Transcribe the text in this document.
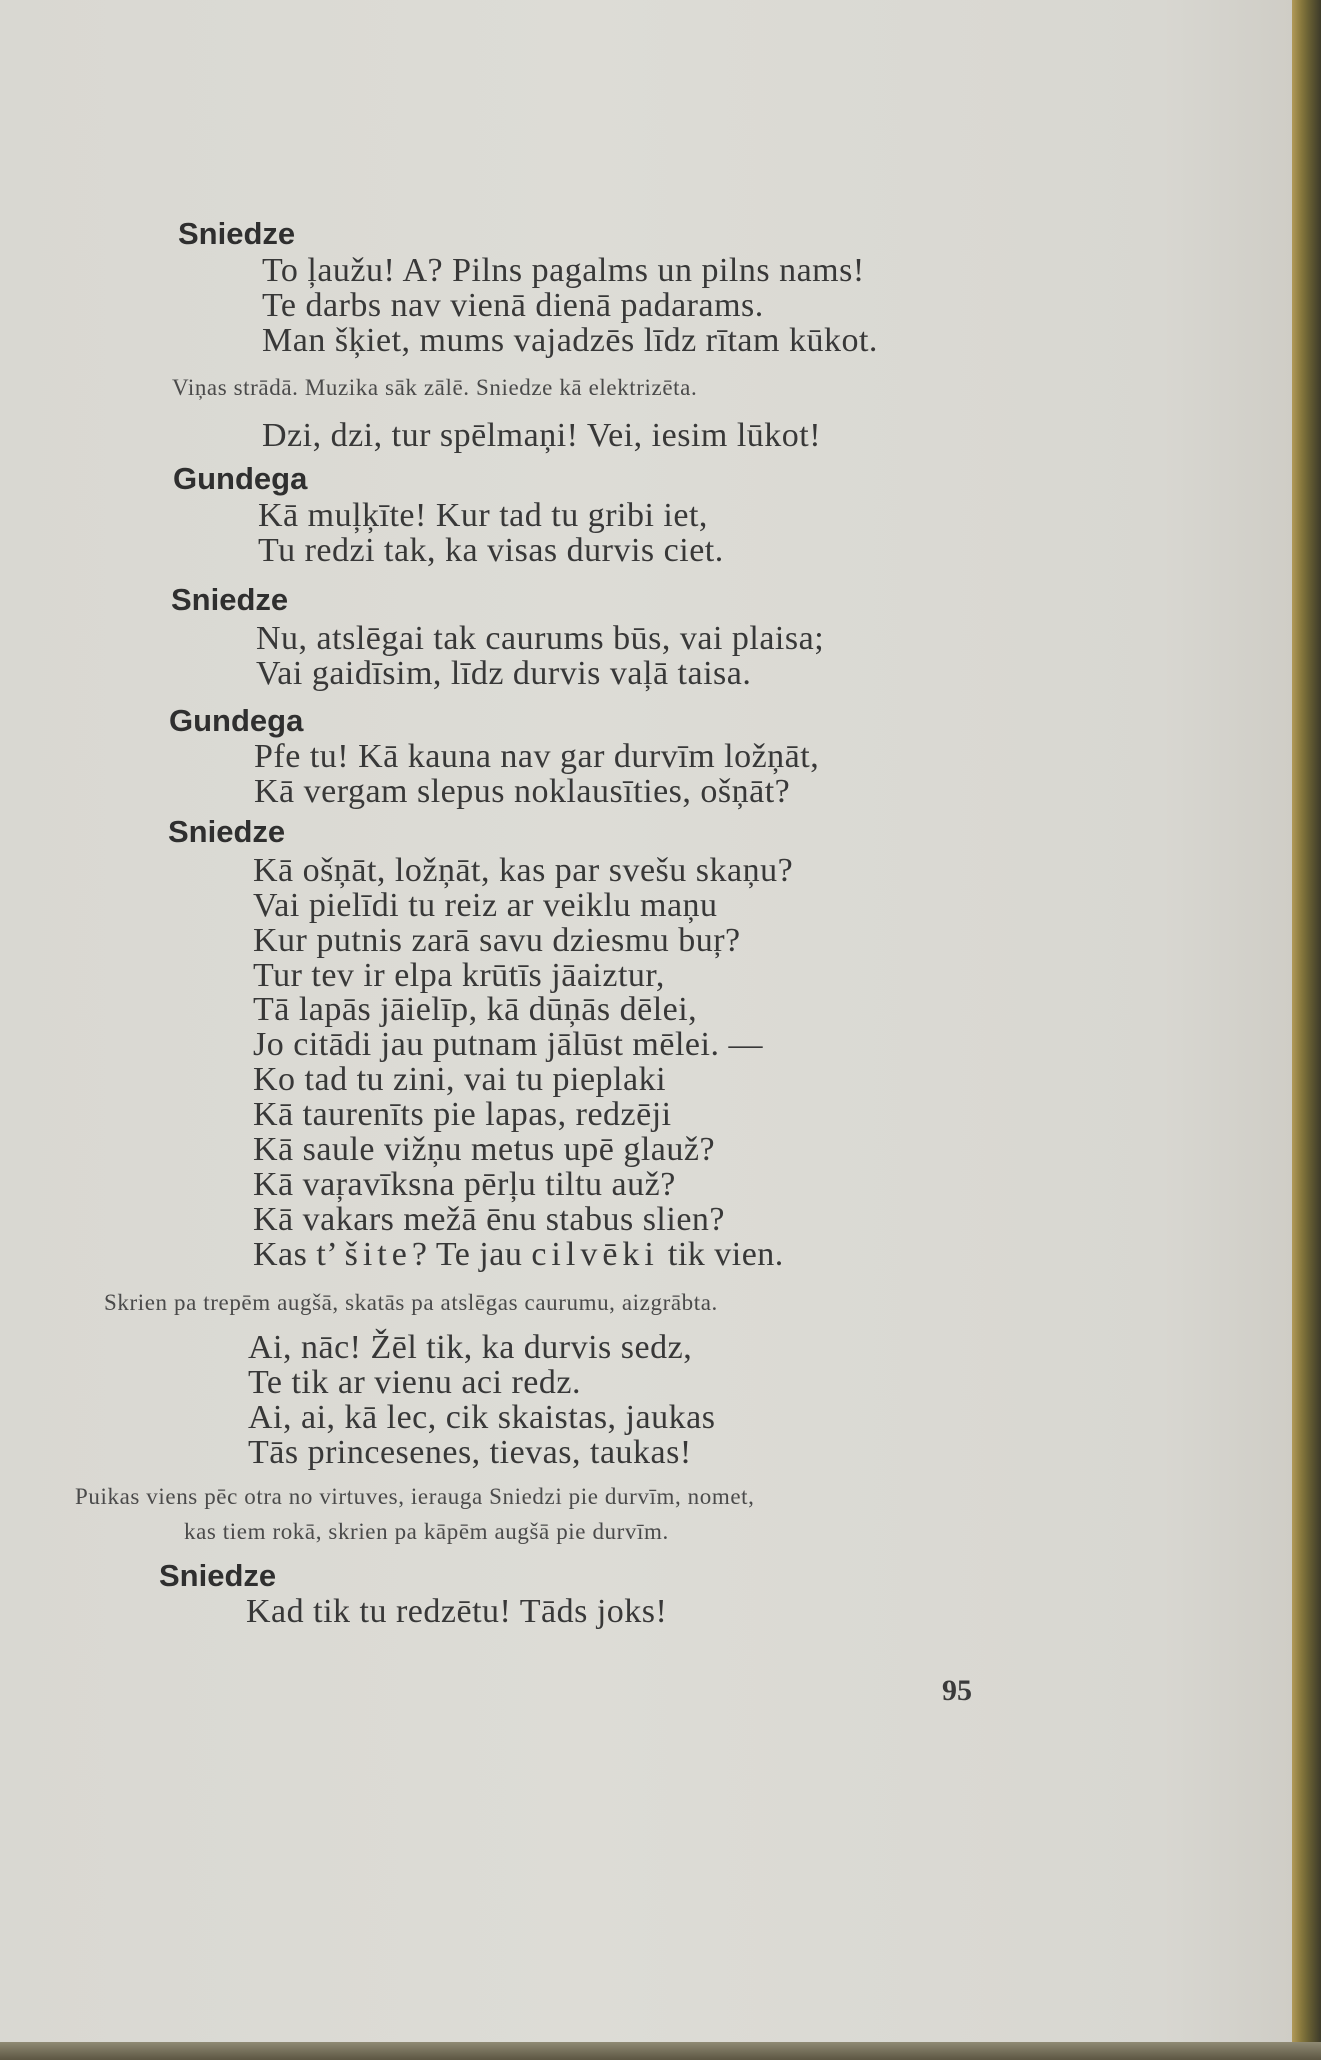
Sniedze
To ļaužu! A? Pilns pagalms un pilns nams!
Te darbs nav vienā dienā padarams.
Man šķiet, mums vajadzēs līdz rītam kūkot.
Viņas strādā. Muzika sāk zālē. Sniedze kā elektrizēta.
Dzi, dzi, tur spēlmaņi! Vei, iesim lūkot!
Gundega
Kā muļķīte! Kur tad tu gribi iet,
Tu redzi tak, ka visas durvis ciet.
Sniedze
Nu, atslēgai tak caurums būs, vai plaisa;
Vai gaidīsim, līdz durvis vaļā taisa.
Gundega
Pfe tu! Kā kauna nav gar durvīm ložņāt,
Kā vergam slepus noklausīties, ošņāt?
Sniedze
Kā ošņāt, ložņāt, kas par svešu skaņu?
Vai pielīdi tu reiz ar veiklu maņu
Kur putnis zarā savu dziesmu buŗ?
Tur tev ir elpa krūtīs jāaiztur,
Tā lapās jāielīp, kā dūņās dēlei,
Jo citādi jau putnam jālūst mēlei. —
Ko tad tu zini, vai tu pieplaki
Kā taurenīts pie lapas, redzēji
Kā saule vižņu metus upē glauž?
Kā vaŗavīksna pērļu tiltu auž?
Kā vakars mežā ēnu stabus slien?
Kas t’ šite? Te jau cilvēki tik vien.
Skrien pa trepēm augšā, skatās pa atslēgas caurumu, aizgrābta.
Ai, nāc! Žēl tik, ka durvis sedz,
Te tik ar vienu aci redz.
Ai, ai, kā lec, cik skaistas, jaukas
Tās princesenes, tievas, taukas!
Puikas viens pēc otra no virtuves, ierauga Sniedzi pie durvīm, nomet,
kas tiem rokā, skrien pa kāpēm augšā pie durvīm.
Sniedze
Kad tik tu redzētu! Tāds joks!
95
